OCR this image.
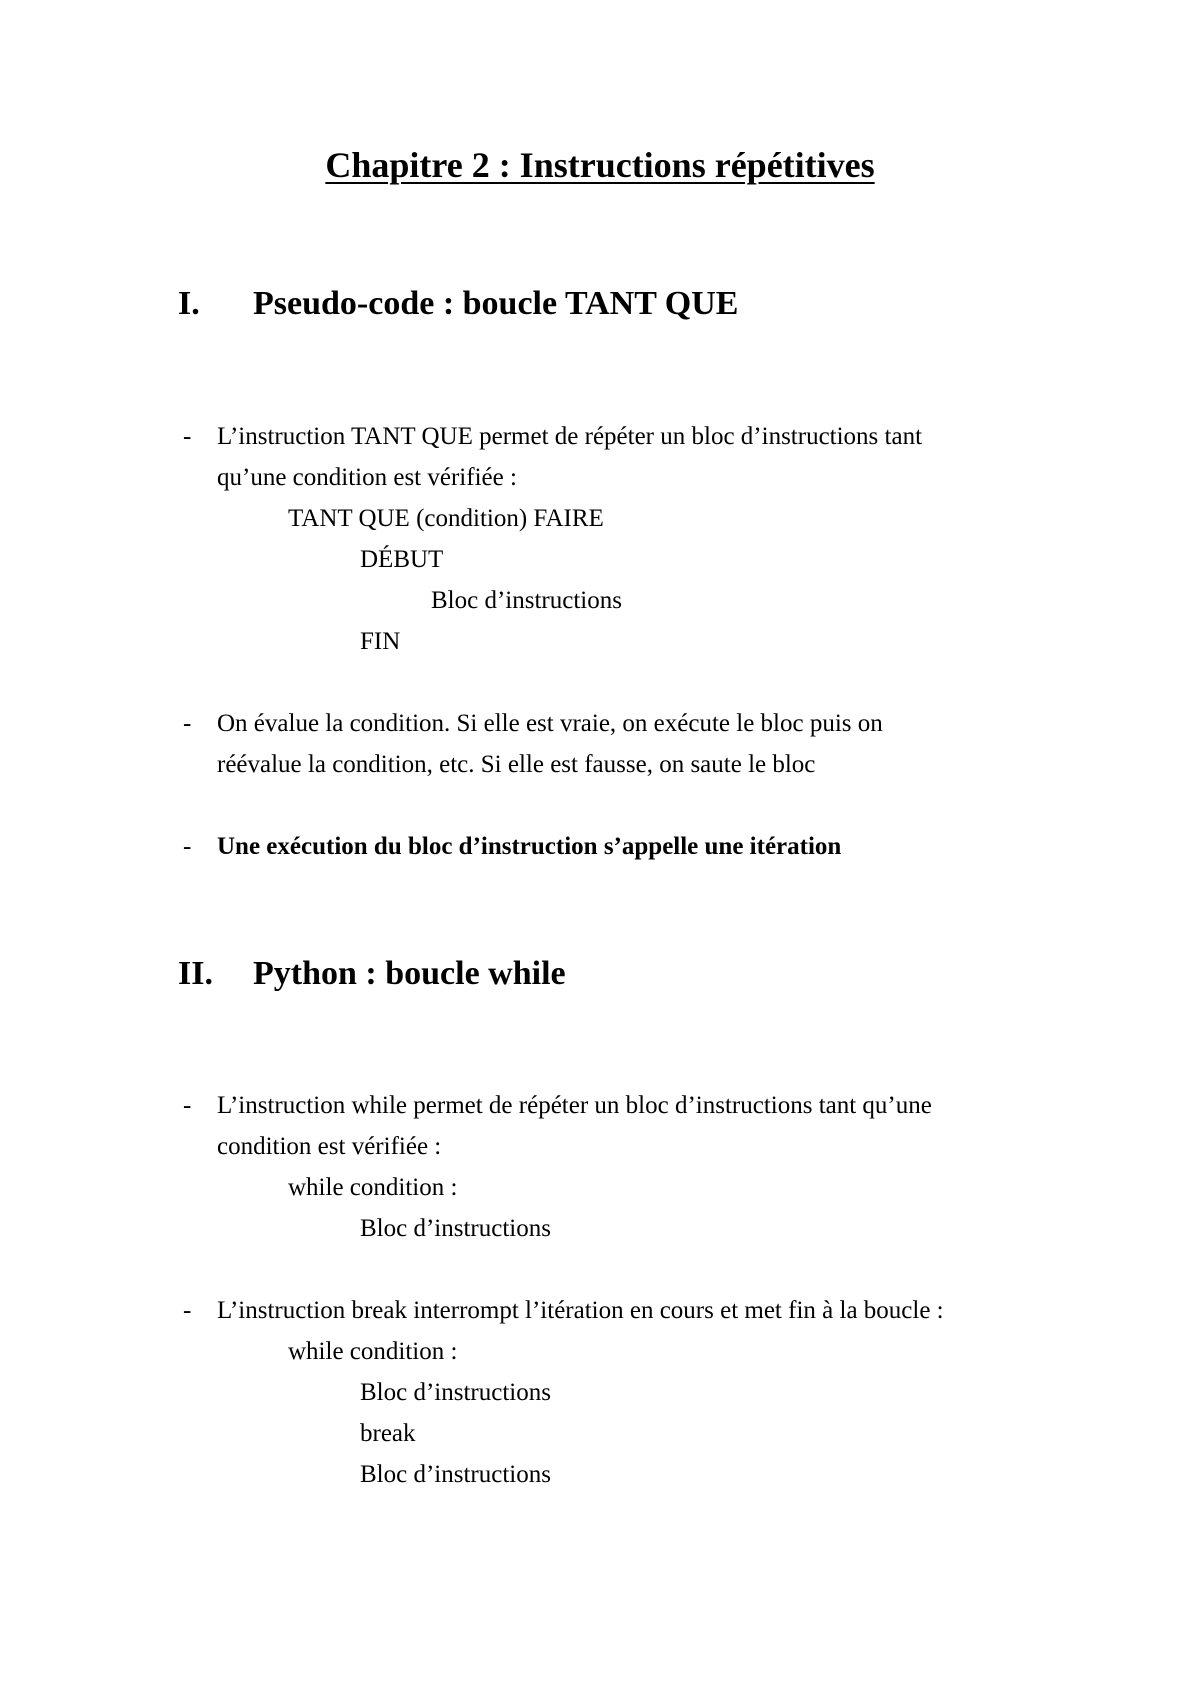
Chapitre 2 : Instructions répétitives
I. Pseudo-code : boucle TANT QUE
- L’instruction TANT QUE permet de répéter un bloc d’instructions tant
qu’une condition est vérifiée :
TANT QUE (condition) FAIRE
DÉBUT
Bloc d’instructions
FIN
- On évalue la condition. Si elle est vraie, on exécute le bloc puis on
réévalue la condition, etc. Si elle est fausse, on saute le bloc
- Une exécution du bloc d’instruction s’appelle une itération
II. Python : boucle while
- L’instruction while permet de répéter un bloc d’instructions tant qu’une
condition est vérifiée :
while condition :
Bloc d’instructions
- L’instruction break interrompt l’itération en cours et met fin à la boucle :
while condition :
Bloc d’instructions
break
Bloc d’instructions
